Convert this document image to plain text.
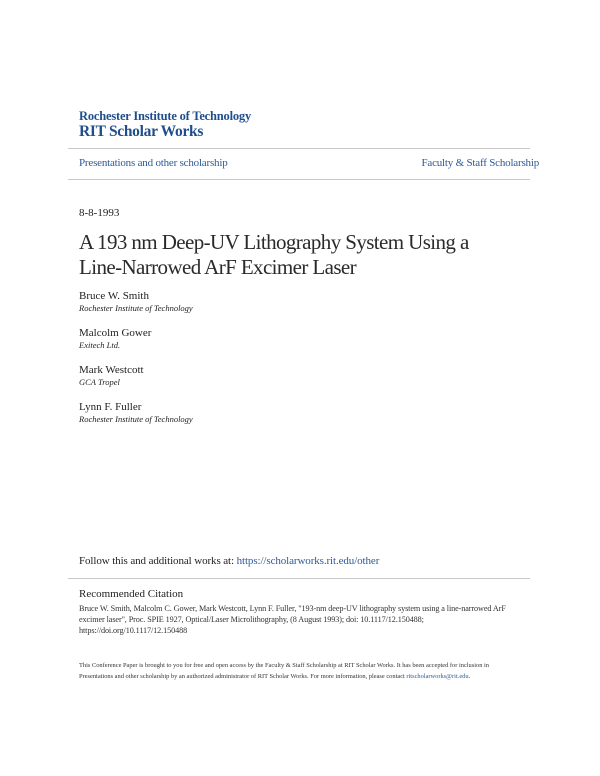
Rochester Institute of Technology
RIT Scholar Works
Presentations and other scholarship	Faculty & Staff Scholarship
8-8-1993
A 193 nm Deep-UV Lithography System Using a
Line-Narrowed ArF Excimer Laser
Bruce W. Smith
Rochester Institute of Technology
Malcolm Gower
Exitech Ltd.
Mark Westcott
GCA Tropel
Lynn F. Fuller
Rochester Institute of Technology
Follow this and additional works at: https://scholarworks.rit.edu/other
Recommended Citation
Bruce W. Smith, Malcolm C. Gower, Mark Westcott, Lynn F. Fuller, "193-nm deep-UV lithography system using a line-narrowed ArF excimer laser", Proc. SPIE 1927, Optical/Laser Microlithography, (8 August 1993); doi: 10.1117/12.150488; https://doi.org/10.1117/12.150488
This Conference Paper is brought to you for free and open access by the Faculty & Staff Scholarship at RIT Scholar Works. It has been accepted for inclusion in Presentations and other scholarship by an authorized administrator of RIT Scholar Works. For more information, please contact ritscholarworks@rit.edu.
